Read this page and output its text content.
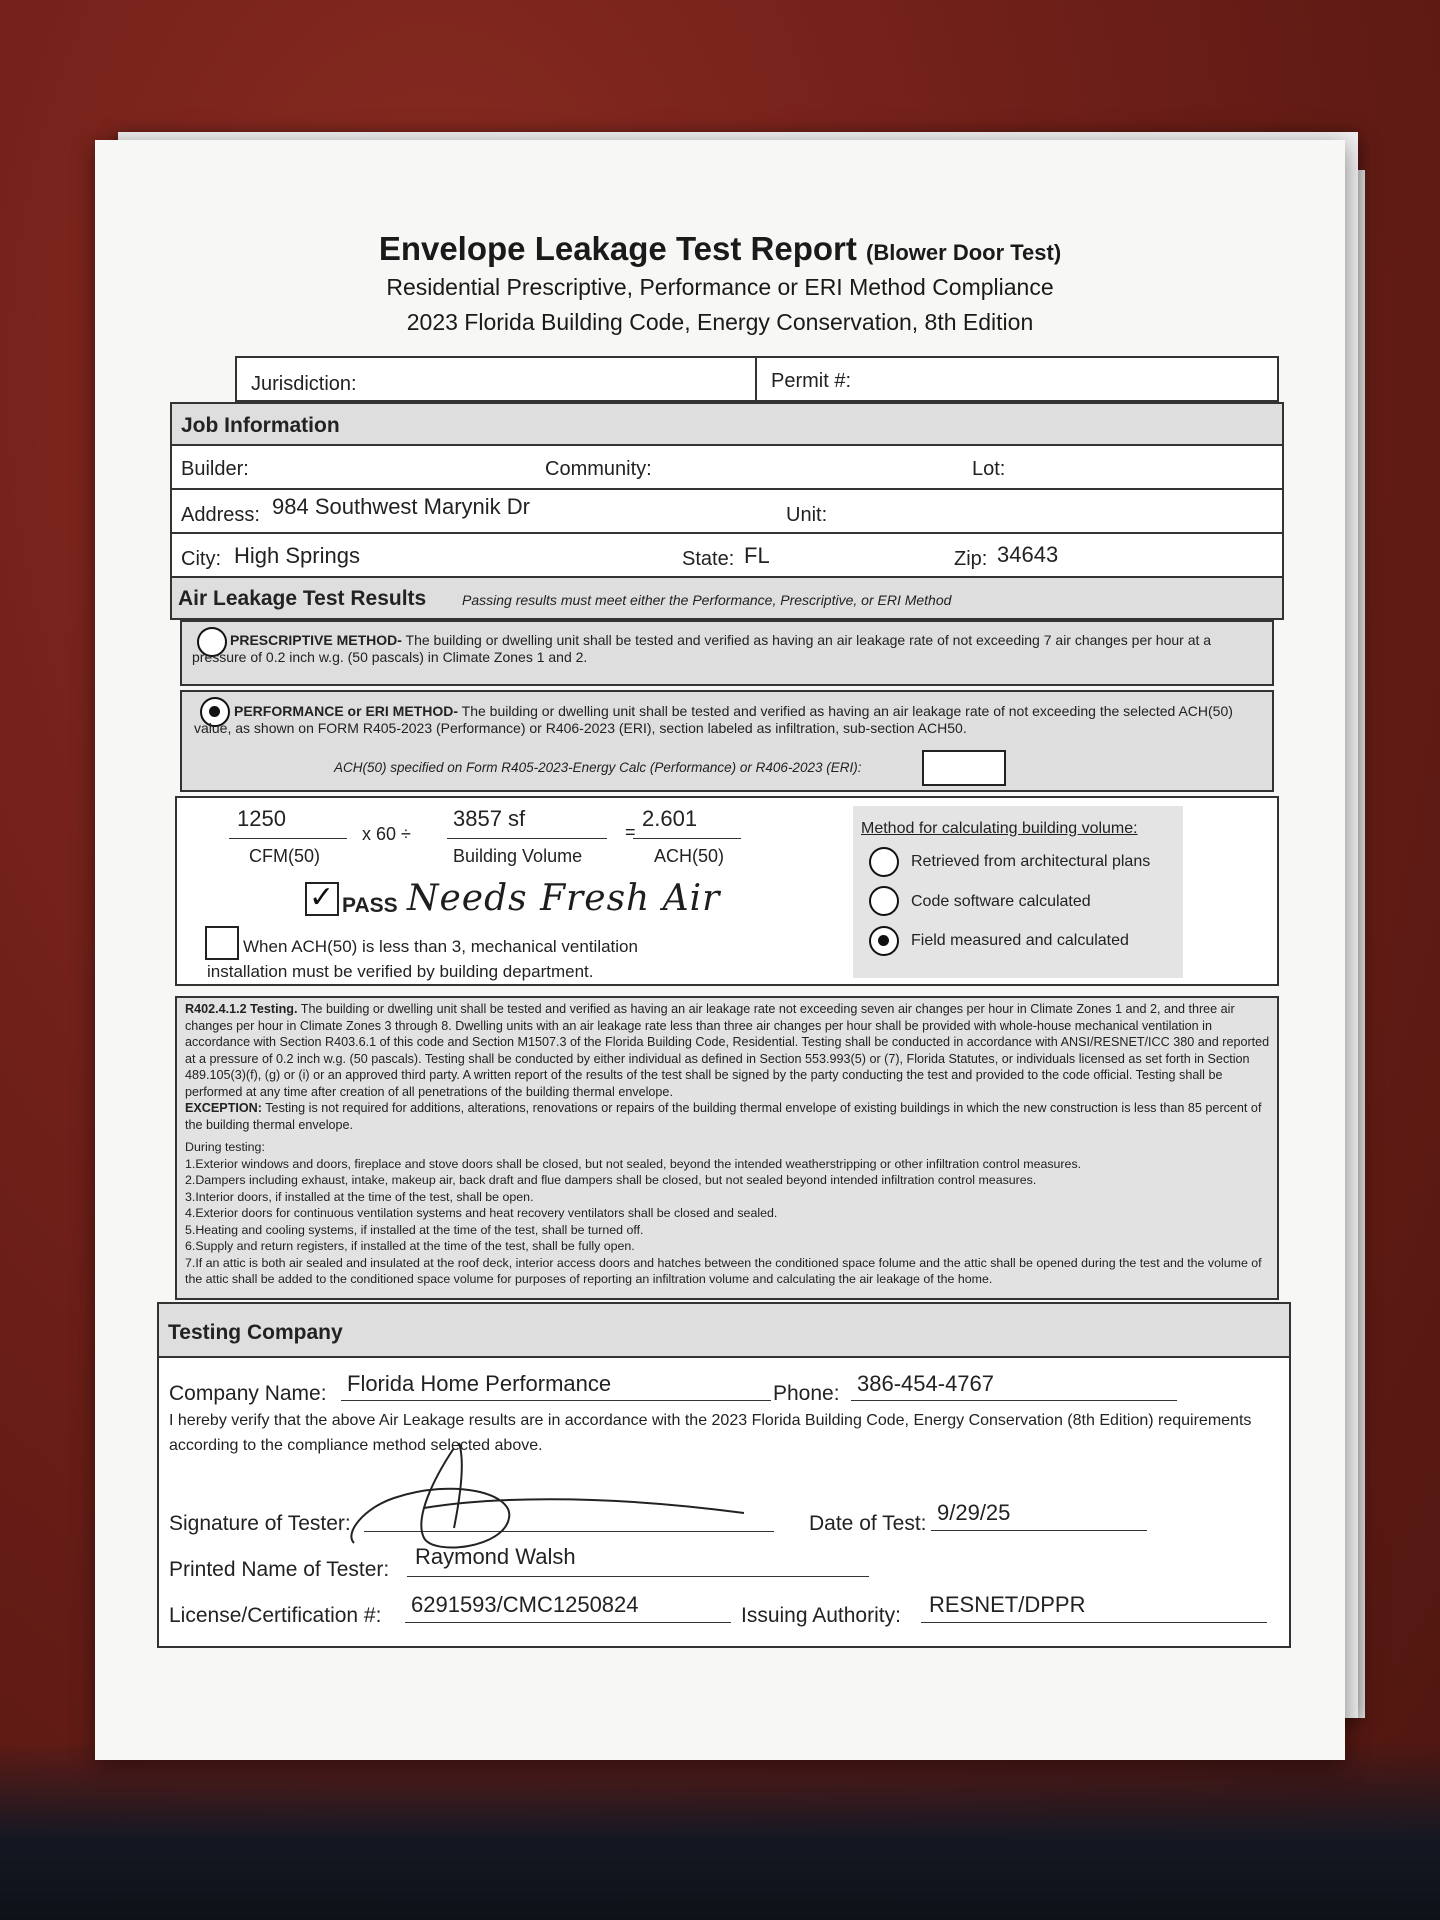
Envelope Leakage Test Report (Blower Door Test)
Residential Prescriptive, Performance or ERI Method Compliance
2023 Florida Building Code, Energy Conservation, 8th Edition
Jurisdiction:	Permit #:
Job Information
Builder:	Community:	Lot:
Address: 984 Southwest Marynik Dr	Unit:
City: High Springs	State: FL	Zip: 34643
Air Leakage Test Results	Passing results must meet either the Performance, Prescriptive, or ERI Method
PRESCRIPTIVE METHOD- The building or dwelling unit shall be tested and verified as having an air leakage rate of not exceeding 7 air changes per hour at a pressure of 0.2 inch w.g. (50 pascals) in Climate Zones 1 and 2.
PERFORMANCE or ERI METHOD- The building or dwelling unit shall be tested and verified as having an air leakage rate of not exceeding the selected ACH(50) value, as shown on FORM R405-2023 (Performance) or R406-2023 (ERI), section labeled as infiltration, sub-section ACH50.
ACH(50) specified on Form R405-2023-Energy Calc (Performance) or R406-2023 (ERI):
1250
CFM(50)
x 60 ÷
3857 sf
Building Volume
=
2.601
ACH(50)
✓ PASS Needs Fresh Air
When ACH(50) is less than 3, mechanical ventilation installation must be verified by building department.
Method for calculating building volume:
Retrieved from architectural plans
Code software calculated
Field measured and calculated
R402.4.1.2 Testing. The building or dwelling unit shall be tested and verified as having an air leakage rate not exceeding seven air changes per hour in Climate Zones 1 and 2, and three air changes per hour in Climate Zones 3 through 8. Dwelling units with an air leakage rate less than three air changes per hour shall be provided with whole-house mechanical ventilation in accordance with Section R403.6.1 of this code and Section M1507.3 of the Florida Building Code, Residential. Testing shall be conducted in accordance with ANSI/RESNET/ICC 380 and reported at a pressure of 0.2 inch w.g. (50 pascals). Testing shall be conducted by either individual as defined in Section 553.993(5) or (7), Florida Statutes, or individuals licensed as set forth in Section 489.105(3)(f), (g) or (i) or an approved third party. A written report of the results of the test shall be signed by the party conducting the test and provided to the code official. Testing shall be performed at any time after creation of all penetrations of the building thermal envelope.
EXCEPTION: Testing is not required for additions, alterations, renovations or repairs of the building thermal envelope of existing buildings in which the new construction is less than 85 percent of the building thermal envelope.
During testing:
1.Exterior windows and doors, fireplace and stove doors shall be closed, but not sealed, beyond the intended weatherstripping or other infiltration control measures.
2.Dampers including exhaust, intake, makeup air, back draft and flue dampers shall be closed, but not sealed beyond intended infiltration control measures.
3.Interior doors, if installed at the time of the test, shall be open.
4.Exterior doors for continuous ventilation systems and heat recovery ventilators shall be closed and sealed.
5.Heating and cooling systems, if installed at the time of the test, shall be turned off.
6.Supply and return registers, if installed at the time of the test, shall be fully open.
7.If an attic is both air sealed and insulated at the roof deck, interior access doors and hatches between the conditioned space folume and the attic shall be opened during the test and the volume of the attic shall be added to the conditioned space volume for purposes of reporting an infiltration volume and calculating the air leakage of the home.
Testing Company
Company Name: Florida Home Performance	Phone: 386-454-4767
I hereby verify that the above Air Leakage results are in accordance with the 2023 Florida Building Code, Energy Conservation (8th Edition) requirements according to the compliance method selected above.
Signature of Tester:	Date of Test: 9/29/25
Printed Name of Tester:
Raymond Walsh
License/Certification #: 6291593/CMC1250824	Issuing Authority: RESNET/DPPR
